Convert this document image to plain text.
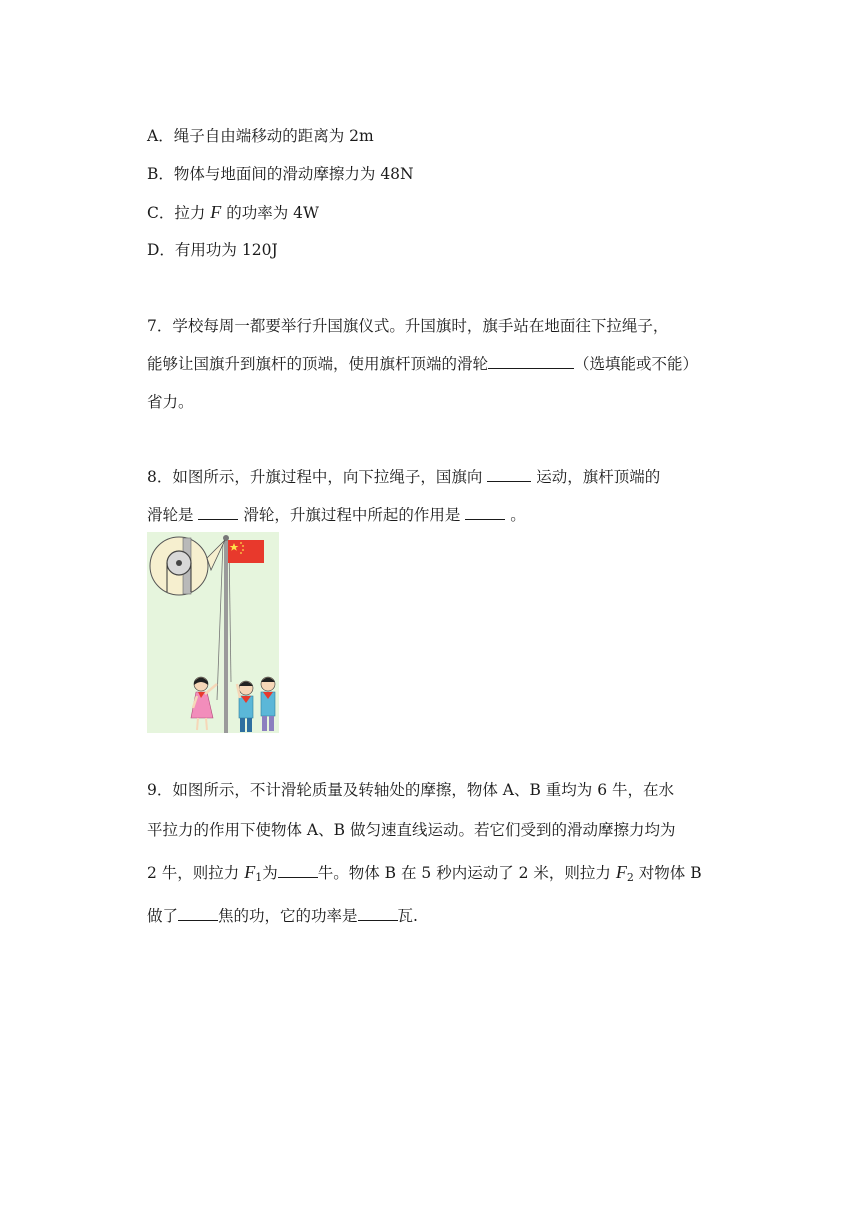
A．绳子自由端移动的距离为 2m
B．物体与地面间的滑动摩擦力为 48N
C．拉力 F 的功率为 4W
D．有用功为 120J
7．学校每周一都要举行升国旗仪式。升国旗时，旗手站在地面往下拉绳子，
能够让国旗升到旗杆的顶端，使用旗杆顶端的滑轮	（选填能或不能）
省力。
8．如图所示，升旗过程中，向下拉绳子，国旗向	运动，旗杆顶端的
滑轮是	滑轮，升旗过程中所起的作用是	。
9．如图所示，不计滑轮质量及转轴处的摩擦，物体 A、B 重均为 6 牛，在水
平拉力的作用下使物体 A、B 做匀速直线运动。若它们受到的滑动摩擦力均为
2 牛，则拉力 $F_1$为	牛。物体 B 在 5 秒内运动了 2 米，则拉力 $F_2$ 对物体 B
做了	焦的功，它的功率是	瓦.
